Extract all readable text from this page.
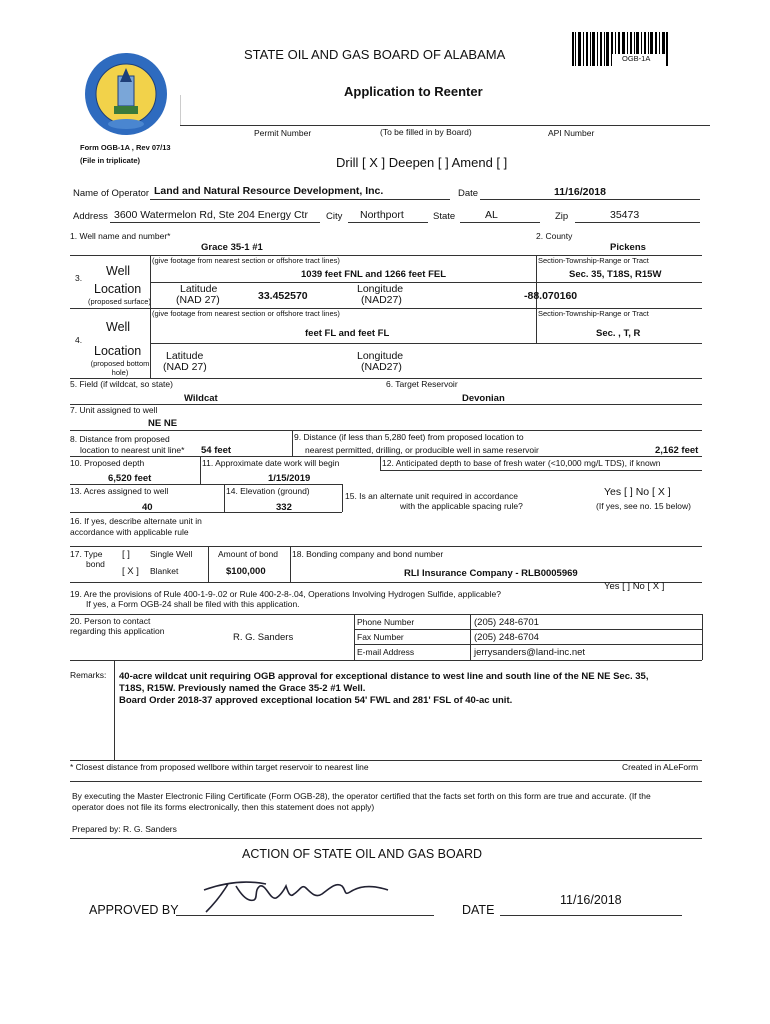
OGB-1A
STATE OIL AND GAS BOARD OF ALABAMA
Application to Reenter
Permit Number	(To be filled in by Board)	API Number
Form OGB-1A , Rev 07/13
(File in triplicate)	Drill [ X ] Deepen [ ] Amend [ ]
Name of Operator Land and Natural Resource Development, Inc.	Date	11/16/2018
Address 3600 Watermelon Rd, Ste 204 Energy Ctr City Northport	State	AL	Zip	35473
1. Well name and number*
Grace 35-1 #1
2. County
Pickens
(give footage from nearest section or offshore tract lines)	Section-Township-Range or Tract
3. Well
Location
(proposed surface)
1039 feet FNL and 1266 feet FEL	Sec. 35, T18S, R15W
Latitude
(NAD 27)	33.452570
Longitude
(NAD27)	-88.070160
(give footage from nearest section or offshore tract lines)	Section-Township-Range or Tract
Well
4.
feet FL and feet FL	Sec. , T, R
Location
(proposed bottom hole)
Latitude
(NAD 27)
Longitude
(NAD27)
5. Field (if wildcat, so state)	6. Target Reservoir
Wildcat	Devonian
7. Unit assigned to well
NE NE
8. Distance from proposed
location to nearest unit line* 54 feet
9. Distance (if less than 5,280 feet) from proposed location to
nearest permitted, drilling, or producible well in same reservoir	2,162 feet
10. Proposed depth
6,520 feet
11. Approximate date work will begin
1/15/2019
12. Anticipated depth to base of fresh water (<10,000 mg/L TDS), if known
13. Acres assigned to well
40
14. Elevation (ground)
332
15. Is an alternate unit required in accordance
with the applicable spacing rule?
Yes [ ] No [ X ]
(If yes, see no. 15 below)
16. If yes, describe alternate unit in
accordance with applicable rule
17. Type
bond
[ ] Single Well
[ X ] Blanket
Amount of bond
$100,000
18. Bonding company and bond number
RLI Insurance Company - RLB0005969
19. Are the provisions of Rule 400-1-9-.02 or Rule 400-2-8-.04, Operations Involving Hydrogen Sulfide, applicable?
If yes, a Form OGB-24 shall be filed with this application.
Yes [ ] No [ X ]
20. Person to contact
regarding this application
R. G. Sanders
Phone Number	(205) 248-6701
Fax Number	(205) 248-6704
E-mail Address	jerrysanders@land-inc.net
Remarks: 40-acre wildcat unit requiring OGB approval for exceptional distance to west line and south line of the NE NE Sec. 35,
T18S, R15W. Previously named the Grace 35-2 #1 Well.
Board Order 2018-37 approved exceptional location 54' FWL and 281' FSL of 40-ac unit.
* Closest distance from proposed wellbore within target reservoir to nearest line	Created in ALeForm
By executing the Master Electronic Filing Certificate (Form OGB-28), the operator certified that the facts set forth on this form are true and accurate. (If the
operator does not file its forms electronically, then this statement does not apply)
Prepared by: R. G. Sanders
ACTION OF STATE OIL AND GAS BOARD
APPROVED BY	DATE
11/16/2018
